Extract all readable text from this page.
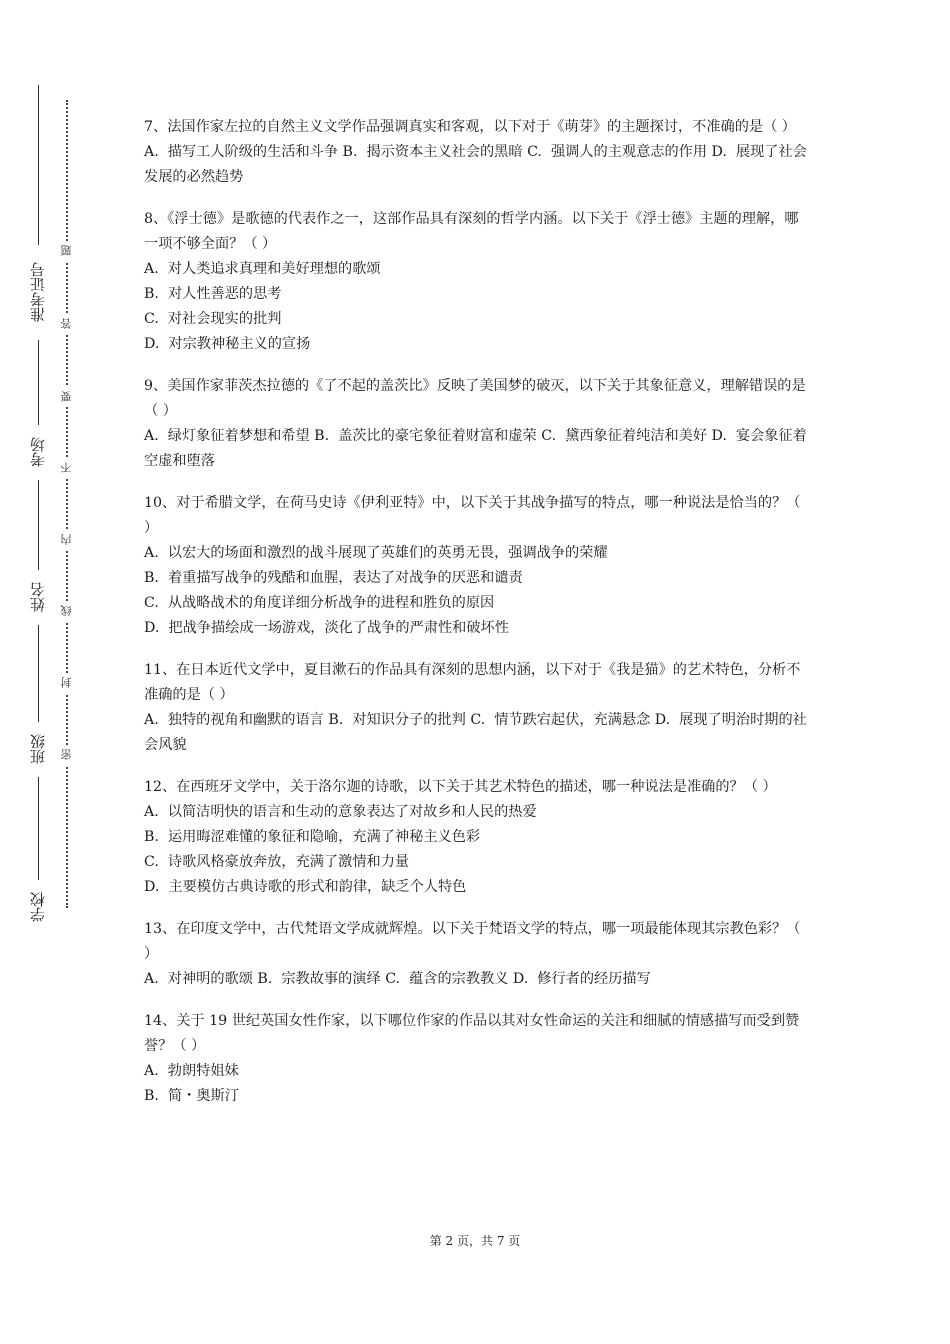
准考证号
考场
姓名
班级
学校
题
答
要
不
内
线
封
密

7、法国作家左拉的自然主义文学作品强调真实和客观，以下对于《萌芽》的主题探讨，不准确的是（ ）

A.  描写工人阶级的生活和斗争 B.  揭示资本主义社会的黑暗 C.  强调人的主观意志的作用 D.  展现了社会发展的必然趋势

8、《浮士德》是歌德的代表作之一，这部作品具有深刻的哲学内涵。以下关于《浮士德》主题的理解，哪一项不够全面？（ ）

A.  对人类追求真理和美好理想的歌颂

B.  对人性善恶的思考

C.  对社会现实的批判

D.  对宗教神秘主义的宣扬

9、美国作家菲茨杰拉德的《了不起的盖茨比》反映了美国梦的破灭，以下关于其象征意义，理解错误的是（ ）

A.  绿灯象征着梦想和希望 B.  盖茨比的豪宅象征着财富和虚荣 C.  黛西象征着纯洁和美好 D.  宴会象征着空虚和堕落

10、对于希腊文学，在荷马史诗《伊利亚特》中，以下关于其战争描写的特点，哪一种说法是恰当的？（ ）

A.  以宏大的场面和激烈的战斗展现了英雄们的英勇无畏，强调战争的荣耀

B.  着重描写战争的残酷和血腥，表达了对战争的厌恶和谴责

C.  从战略战术的角度详细分析战争的进程和胜负的原因

D.  把战争描绘成一场游戏，淡化了战争的严肃性和破坏性

11、在日本近代文学中，夏目漱石的作品具有深刻的思想内涵，以下对于《我是猫》的艺术特色，分析不准确的是（ ）

A.  独特的视角和幽默的语言 B.  对知识分子的批判 C.  情节跌宕起伏，充满悬念 D.  展现了明治时期的社会风貌

12、在西班牙文学中，关于洛尔迦的诗歌，以下关于其艺术特色的描述，哪一种说法是准确的？（ ）

A.  以简洁明快的语言和生动的意象表达了对故乡和人民的热爱

B.  运用晦涩难懂的象征和隐喻，充满了神秘主义色彩

C.  诗歌风格豪放奔放，充满了激情和力量

D.  主要模仿古典诗歌的形式和韵律，缺乏个人特色

13、在印度文学中，古代梵语文学成就辉煌。以下关于梵语文学的特点，哪一项最能体现其宗教色彩？（ ）

A.  对神明的歌颂 B.  宗教故事的演绎 C.  蕴含的宗教教义 D.  修行者的经历描写

14、关于 19 世纪英国女性作家，以下哪位作家的作品以其对女性命运的关注和细腻的情感描写而受到赞誉？（ ）

A.  勃朗特姐妹

B.  简・奥斯汀

第 2 页，共 7 页
